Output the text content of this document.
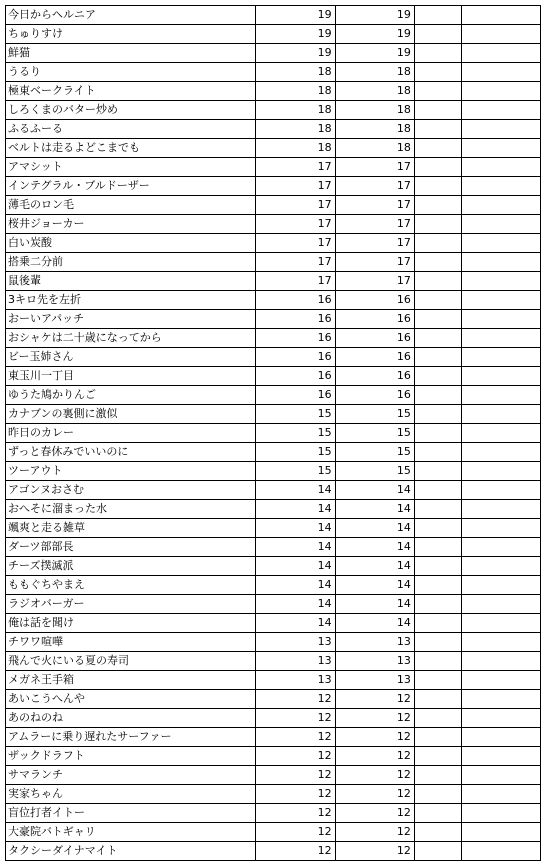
今日からヘルニア	19	19		
ちゅりすけ	19	19		
鮮猫	19	19		
うるり	18	18		
極東ベークライト	18	18		
しろくまのバター炒め	18	18		
ふるふーる	18	18		
ベルトは走るよどこまでも	18	18		
アマシット	17	17		
インテグラル・ブルドーザー	17	17		
薄毛のロン毛	17	17		
桜井ジョーカー	17	17		
白い炭酸	17	17		
搭乗二分前	17	17		
鼠後輩	17	17		
3キロ先を左折	16	16		
おーいアパッチ	16	16		
おシャケは二十歳になってから	16	16		
ビー玉姉さん	16	16		
東玉川一丁目	16	16		
ゆうた鳩かりんご	16	16		
カナブンの裏側に激似	15	15		
昨日のカレー	15	15		
ずっと春休みでいいのに	15	15		
ツーアウト	15	15		
アゴンヌおさむ	14	14		
おへそに溜まった水	14	14		
颯爽と走る雑草	14	14		
ダーツ部部長	14	14		
チーズ撲滅派	14	14		
ももぐちやまえ	14	14		
ラジオバーガー	14	14		
俺は話を聞け	14	14		
チワワ喧嘩	13	13		
飛んで火にいる夏の寿司	13	13		
メガネ王手箱	13	13		
あいこうへんや	12	12		
あのねのね	12	12		
アムラーに乗り遅れたサーファー	12	12		
ザックドラフト	12	12		
サマランチ	12	12		
実家ちゃん	12	12		
盲位打者イトー	12	12		
大豪院バトギャリ	12	12		
タクシーダイナマイト	12	12		
